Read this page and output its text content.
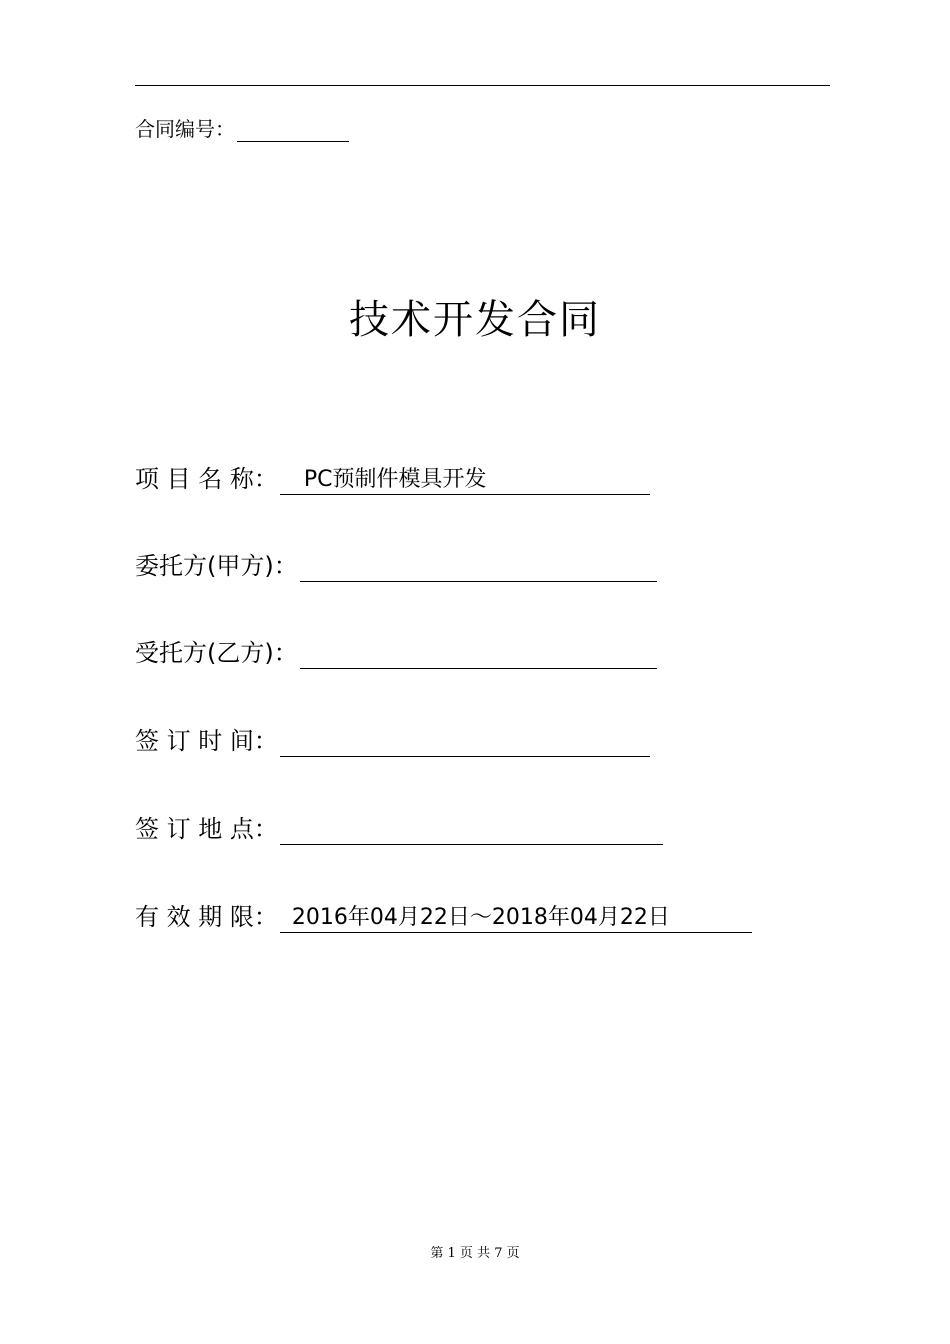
合同编号：
技术开发合同
项 目 名 称 ：	PC预制件模具开发
委托方(甲方) ：
受托方(乙方) ：
签 订 时 间 ：
签 订 地 点 ：
有 效 期 限 ： 2016年04月22日～2018年04月22日
第 1 页 共 7 页
